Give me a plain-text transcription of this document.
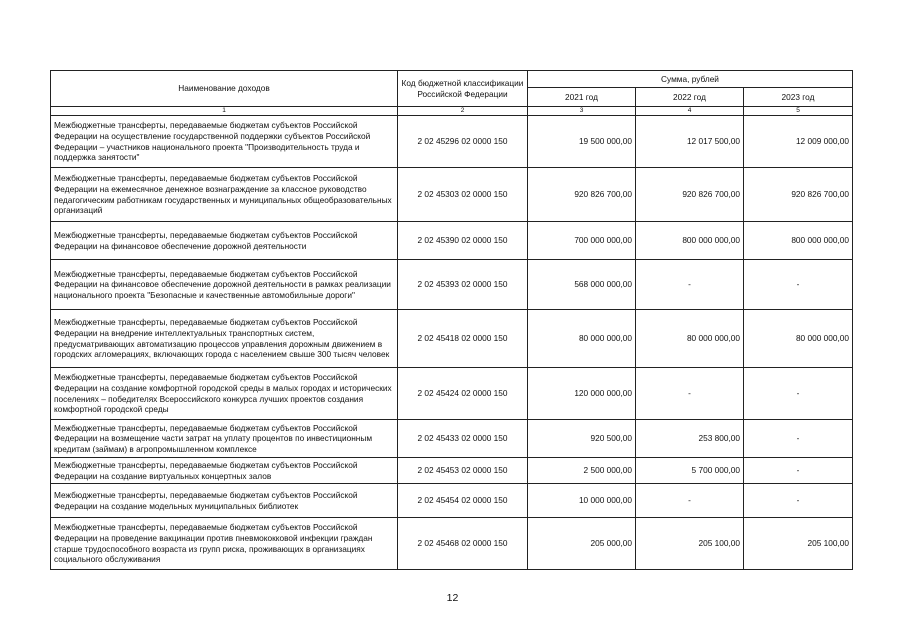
Наименование доходов	Код бюджетной классификации Российской Федерации	Сумма, рублей		
		2021 год	2022 год	2023 год
1	2	3	4	5
Межбюджетные трансферты, передаваемые бюджетам субъектов Российской Федерации на осуществление государственной поддержки субъектов Российской Федерации – участников национального проекта "Производительность труда и поддержка занятости"	2 02 45296 02 0000 150	19 500 000,00	12 017 500,00	12 009 000,00
Межбюджетные трансферты, передаваемые бюджетам субъектов Российской Федерации на ежемесячное денежное вознаграждение за классное руководство педагогическим работникам государственных и муниципальных общеобразовательных организаций	2 02 45303 02 0000 150	920 826 700,00	920 826 700,00	920 826 700,00
Межбюджетные трансферты, передаваемые бюджетам субъектов Российской Федерации на финансовое обеспечение дорожной деятельности	2 02 45390 02 0000 150	700 000 000,00	800 000 000,00	800 000 000,00
Межбюджетные трансферты, передаваемые бюджетам субъектов Российской Федерации на финансовое обеспечение дорожной деятельности в рамках реализации национального проекта "Безопасные и качественные автомобильные дороги"	2 02 45393 02 0000 150	568 000 000,00	-	-
Межбюджетные трансферты, передаваемые бюджетам субъектов Российской Федерации на внедрение интеллектуальных транспортных систем, предусматривающих автоматизацию процессов управления дорожным движением в городских агломерациях, включающих города с населением свыше 300 тысяч человек	2 02 45418 02 0000 150	80 000 000,00	80 000 000,00	80 000 000,00
Межбюджетные трансферты, передаваемые бюджетам субъектов Российской Федерации на создание комфортной городской среды в малых городах и исторических поселениях – победителях Всероссийского конкурса лучших проектов создания комфортной городской среды	2 02 45424 02 0000 150	120 000 000,00	-	-
Межбюджетные трансферты, передаваемые бюджетам субъектов Российской Федерации на возмещение части затрат на уплату процентов по инвестиционным кредитам (займам) в агропромышленном комплексе	2 02 45433 02 0000 150	920 500,00	253 800,00	-
Межбюджетные трансферты, передаваемые бюджетам субъектов Российской Федерации на создание виртуальных концертных залов	2 02 45453 02 0000 150	2 500 000,00	5 700 000,00	-
Межбюджетные трансферты, передаваемые бюджетам субъектов Российской Федерации на создание модельных муниципальных библиотек	2 02 45454 02 0000 150	10 000 000,00	-	-
Межбюджетные трансферты, передаваемые бюджетам субъектов Российской Федерации на проведение вакцинации против пневмококковой инфекции граждан старше трудоспособного возраста из групп риска, проживающих в организациях социального обслуживания	2 02 45468 02 0000 150	205 000,00	205 100,00	205 100,00
12
